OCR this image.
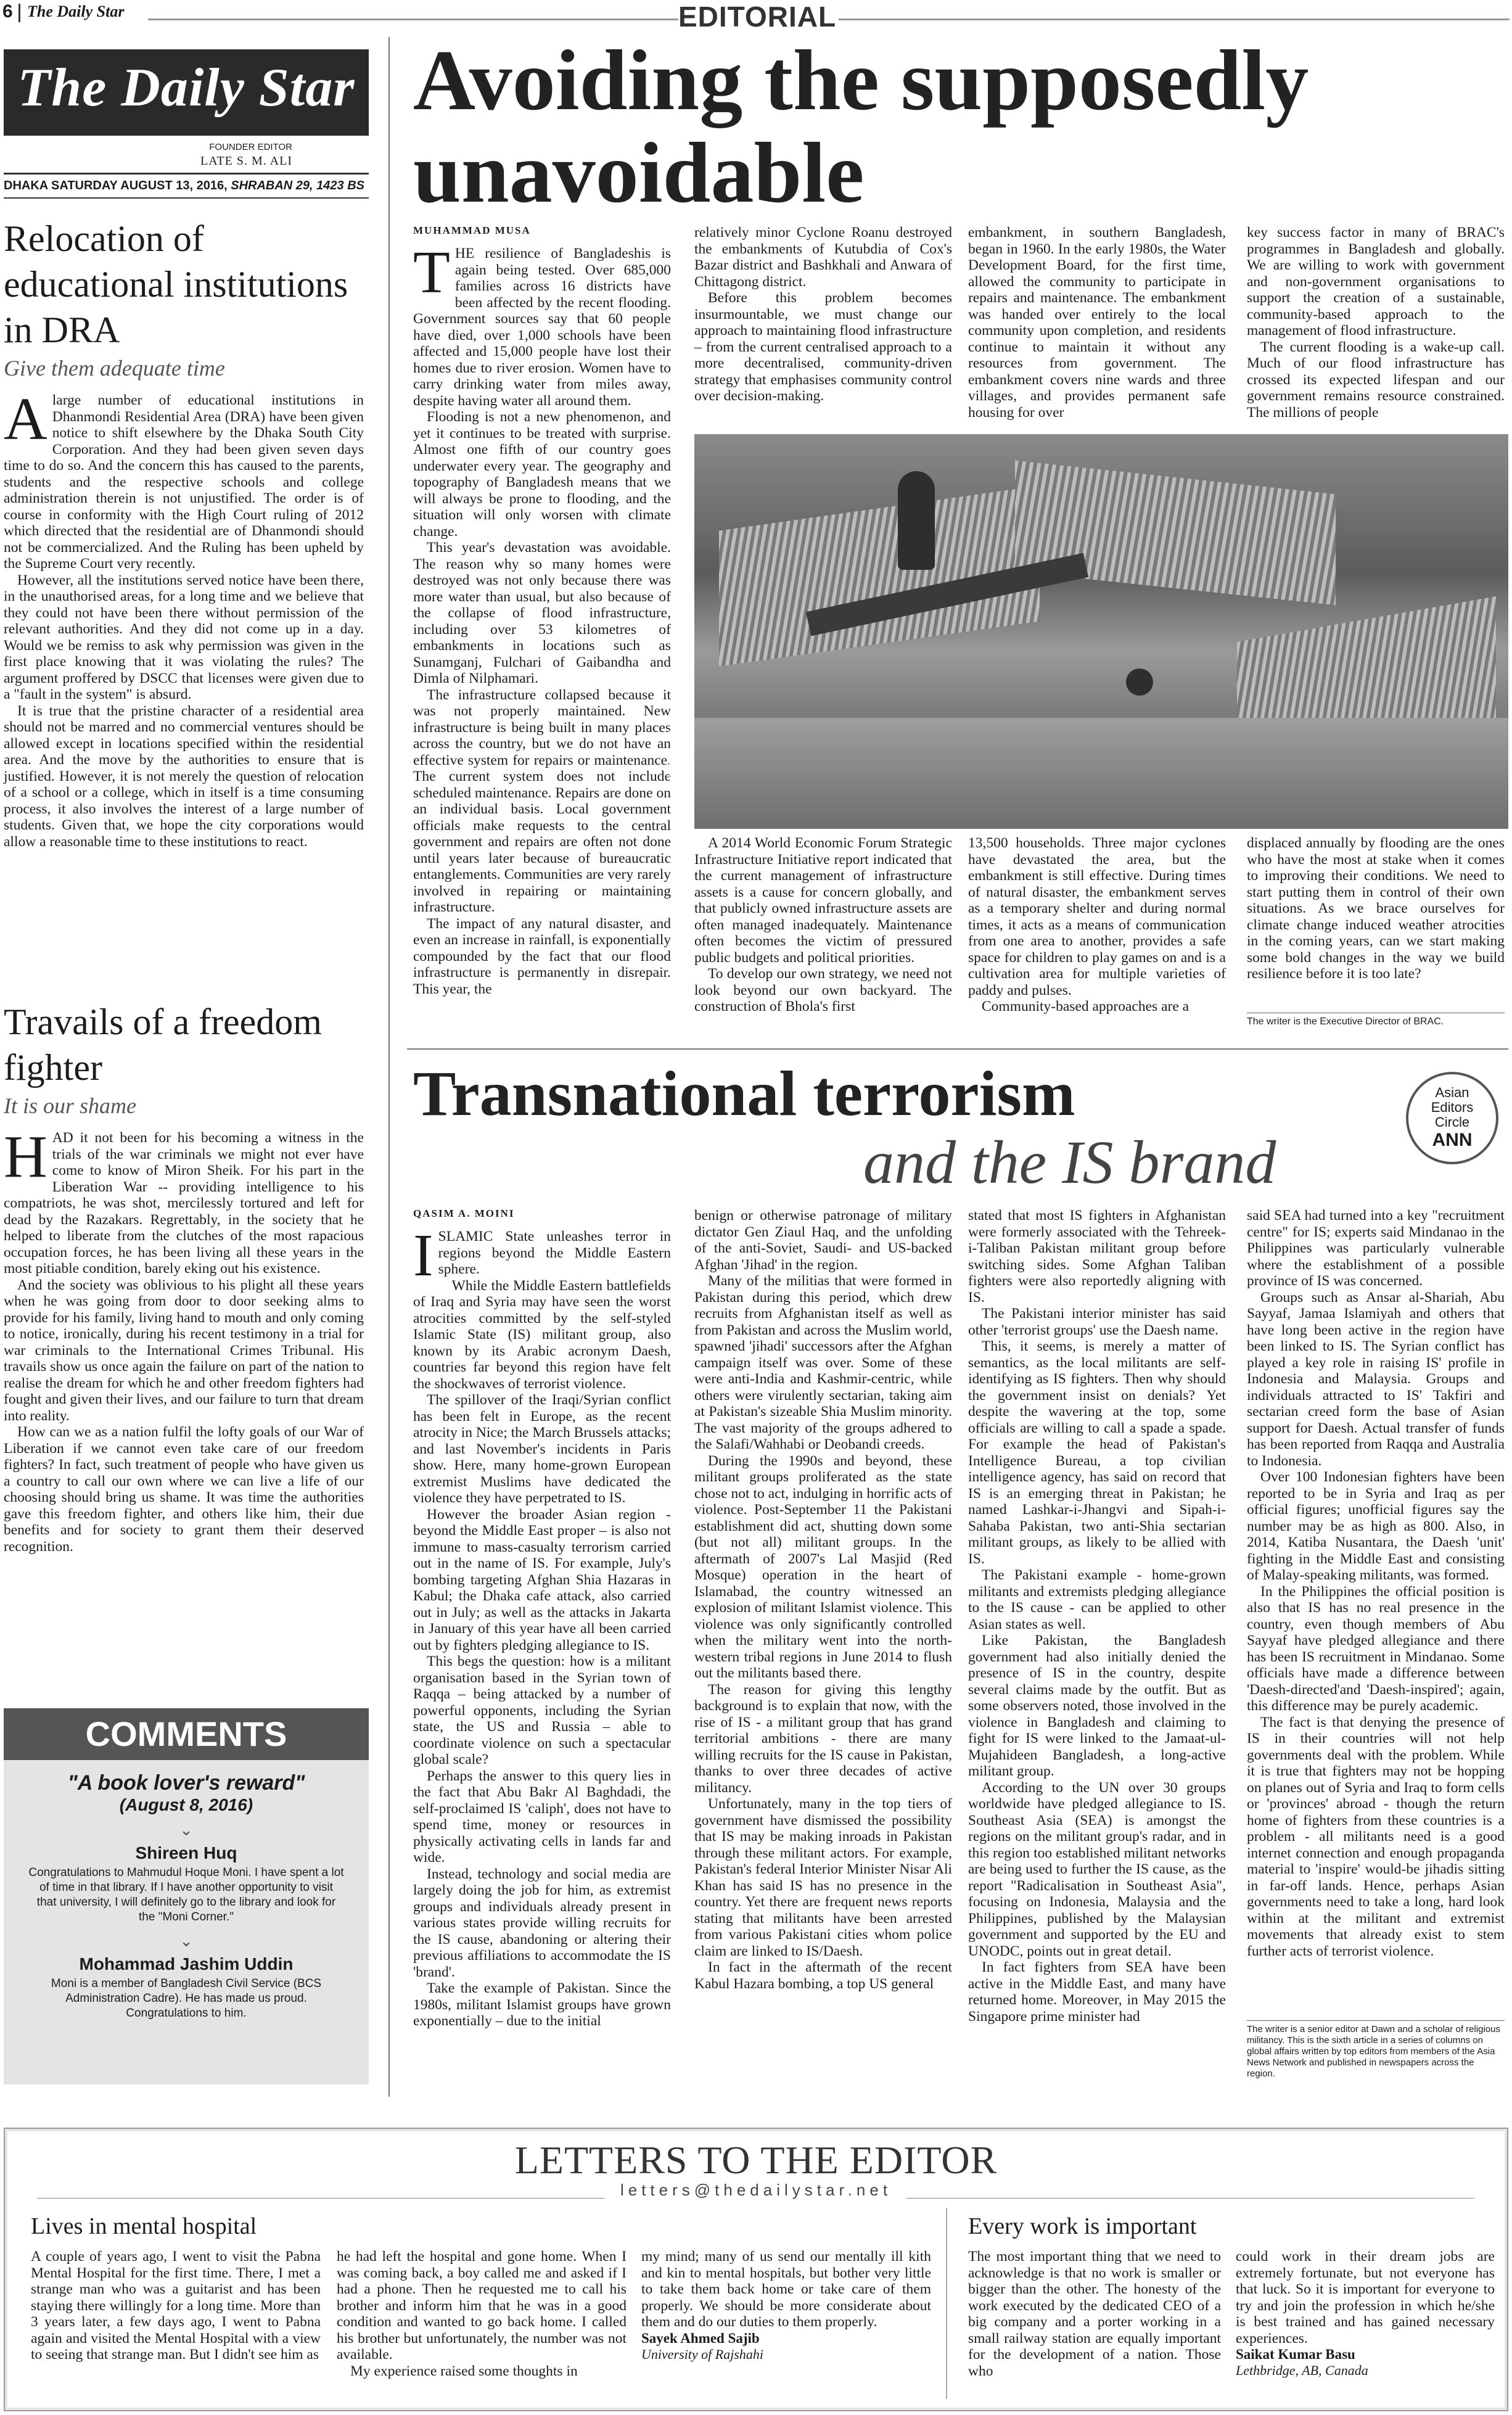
6 The Daily Star	EDITORIAL
The Daily Star
FOUNDER EDITOR
LATE S. M. ALI
DHAKA SATURDAY AUGUST 13, 2016, SHRABAN 29, 1423 BS
Relocation of educational institutions in DRA
Give them adequate time

Alarge number of educational institutions in Dhanmondi Residential Area (DRA) have been given notice to shift elsewhere by the Dhaka South City Corporation. And they had been given seven days time to do so. And the concern this has caused to the parents, students and the respective schools and college administration therein is not unjustified. The order is of course in conformity with the High Court ruling of 2012 which directed that the residential are of Dhanmondi should not be commercialized. And the Ruling has been upheld by the Supreme Court very recently.

However, all the institutions served notice have been there, in the unauthorised areas, for a long time and we believe that they could not have been there without permission of the relevant authorities. And they did not come up in a day. Would we be remiss to ask why permission was given in the first place knowing that it was violating the rules? The argument proffered by DSCC that licenses were given due to a "fault in the system" is absurd.

It is true that the pristine character of a residential area should not be marred and no commercial ventures should be allowed except in locations specified within the residential area. And the move by the authorities to ensure that is justified. However, it is not merely the question of relocation of a school or a college, which in itself is a time consuming process, it also involves the interest of a large number of students. Given that, we hope the city corporations would allow a reasonable time to these institutions to react.

Travails of a freedom fighter
It is our shame

HAD it not been for his becoming a witness in the trials of the war criminals we might not ever have come to know of Miron Sheik. For his part in the Liberation War -- providing intelligence to his compatriots, he was shot, mercilessly tortured and left for dead by the Razakars. Regrettably, in the society that he helped to liberate from the clutches of the most rapacious occupation forces, he has been living all these years in the most pitiable condition, barely eking out his existence.

And the society was oblivious to his plight all these years when he was going from door to door seeking alms to provide for his family, living hand to mouth and only coming to notice, ironically, during his recent testimony in a trial for war criminals to the International Crimes Tribunal. His travails show us once again the failure on part of the nation to realise the dream for which he and other freedom fighters had fought and given their lives, and our failure to turn that dream into reality.

How can we as a nation fulfil the lofty goals of our War of Liberation if we cannot even take care of our freedom fighters? In fact, such treatment of people who have given us a country to call our own where we can live a life of our choosing should bring us shame. It was time the authorities gave this freedom fighter, and others like him, their due benefits and for society to grant them their deserved recognition.

COMMENTS
"A book lover's reward"
(August 8, 2016)
⌄
Shireen Huq

Congratulations to Mahmudul Hoque Moni. I have spent a lot of time in that library. If I have another opportunity to visit that university, I will definitely go to the library and look for the "Moni Corner."

⌄
Mohammad Jashim Uddin

Moni is a member of Bangladesh Civil Service (BCS Administration Cadre). He has made us proud. Congratulations to him.

Avoiding the supposedly
unavoidable
MUHAMMAD MUSA

THE resilience of Bangladeshis is again being tested. Over 685,000 families across 16 districts have been affected by the recent flooding. Government sources say that 60 people have died, over 1,000 schools have been affected and 15,000 people have lost their homes due to river erosion. Women have to carry drinking water from miles away, despite having water all around them.

Flooding is not a new phenomenon, and yet it continues to be treated with surprise. Almost one fifth of our country goes underwater every year. The geography and topography of Bangladesh means that we will always be prone to flooding, and the situation will only worsen with climate change.

This year's devastation was avoidable. The reason why so many homes were destroyed was not only because there was more water than usual, but also because of the collapse of flood infrastructure, including over 53 kilometres of embankments in locations such as Sunamganj, Fulchari of Gaibandha and Dimla of Nilphamari.

The infrastructure collapsed because it was not properly maintained. New infrastructure is being built in many places across the country, but we do not have an effective system for repairs or maintenance. The current system does not include scheduled maintenance. Repairs are done on an individual basis. Local government officials make requests to the central government and repairs are often not done until years later because of bureaucratic entanglements. Communities are very rarely involved in repairing or maintaining infrastructure.

The impact of any natural disaster, and even an increase in rainfall, is exponentially compounded by the fact that our flood infrastructure is permanently in disrepair. This year, the

relatively minor Cyclone Roanu destroyed the embankments of Kutubdia of Cox's Bazar district and Bashkhali and Anwara of Chittagong district.

Before this problem becomes insurmountable, we must change our approach to maintaining flood infrastructure – from the current centralised approach to a more decentralised, community-driven strategy that emphasises community control over decision-making.

embankment, in southern Bangladesh, began in 1960. In the early 1980s, the Water Development Board, for the first time, allowed the community to participate in repairs and maintenance. The embankment was handed over entirely to the local community upon completion, and residents continue to maintain it without any resources from government. The embankment covers nine wards and three villages, and provides permanent safe housing for over

key success factor in many of BRAC's programmes in Bangladesh and globally. We are willing to work with government and non-government organisations to support the creation of a sustainable, community-based approach to the management of flood infrastructure.

The current flooding is a wake-up call. Much of our flood infrastructure has crossed its expected lifespan and our government remains resource constrained. The millions of people

PHOTO: STAR

A 2014 World Economic Forum Strategic Infrastructure Initiative report indicated that the current management of infrastructure assets is a cause for concern globally, and that publicly owned infrastructure assets are often managed inadequately. Maintenance often becomes the victim of pressured public budgets and political priorities.

To develop our own strategy, we need not look beyond our own backyard. The construction of Bhola's first

13,500 households. Three major cyclones have devastated the area, but the embankment is still effective. During times of natural disaster, the embankment serves as a temporary shelter and during normal times, it acts as a means of communication from one area to another, provides a safe space for children to play games on and is a cultivation area for multiple varieties of paddy and pulses.

Community-based approaches are a

displaced annually by flooding are the ones who have the most at stake when it comes to improving their conditions. We need to start putting them in control of their own situations. As we brace ourselves for climate change induced weather atrocities in the coming years, can we start making some bold changes in the way we build resilience before it is too late?

The writer is the Executive Director of BRAC.
Transnational terrorism
and the IS brand
Asian
Editors
Circle
ANN
QASIM A. MOINI

ISLAMIC State unleashes terror in regions beyond the Middle Eastern sphere.

While the Middle Eastern battlefields of Iraq and Syria may have seen the worst atrocities committed by the self-styled Islamic State (IS) militant group, also known by its Arabic acronym Daesh, countries far beyond this region have felt the shockwaves of terrorist violence.

The spillover of the Iraqi/Syrian conflict has been felt in Europe, as the recent atrocity in Nice; the March Brussels attacks; and last November's incidents in Paris show. Here, many home-grown European extremist Muslims have dedicated the violence they have perpetrated to IS.

However the broader Asian region - beyond the Middle East proper – is also not immune to mass-casualty terrorism carried out in the name of IS. For example, July's bombing targeting Afghan Shia Hazaras in Kabul; the Dhaka cafe attack, also carried out in July; as well as the attacks in Jakarta in January of this year have all been carried out by fighters pledging allegiance to IS.

This begs the question: how is a militant organisation based in the Syrian town of Raqqa – being attacked by a number of powerful opponents, including the Syrian state, the US and Russia – able to coordinate violence on such a spectacular global scale?

Perhaps the answer to this query lies in the fact that Abu Bakr Al Baghdadi, the self-proclaimed IS 'caliph', does not have to spend time, money or resources in physically activating cells in lands far and wide.

Instead, technology and social media are largely doing the job for him, as extremist groups and individuals already present in various states provide willing recruits for the IS cause, abandoning or altering their previous affiliations to accommodate the IS 'brand'.

Take the example of Pakistan. Since the 1980s, militant Islamist groups have grown exponentially – due to the initial

benign or otherwise patronage of military dictator Gen Ziaul Haq, and the unfolding of the anti-Soviet, Saudi- and US-backed Afghan 'Jihad' in the region.

Many of the militias that were formed in Pakistan during this period, which drew recruits from Afghanistan itself as well as from Pakistan and across the Muslim world, spawned 'jihadi' successors after the Afghan campaign itself was over. Some of these were anti-India and Kashmir-centric, while others were virulently sectarian, taking aim at Pakistan's sizeable Shia Muslim minority. The vast majority of the groups adhered to the Salafi/Wahhabi or Deobandi creeds.

During the 1990s and beyond, these militant groups proliferated as the state chose not to act, indulging in horrific acts of violence. Post-September 11 the Pakistani establishment did act, shutting down some (but not all) militant groups. In the aftermath of 2007's Lal Masjid (Red Mosque) operation in the heart of Islamabad, the country witnessed an explosion of militant Islamist violence. This violence was only significantly controlled when the military went into the north-western tribal regions in June 2014 to flush out the militants based there.

The reason for giving this lengthy background is to explain that now, with the rise of IS - a militant group that has grand territorial ambitions - there are many willing recruits for the IS cause in Pakistan, thanks to over three decades of active militancy.

Unfortunately, many in the top tiers of government have dismissed the possibility that IS may be making inroads in Pakistan through these militant actors. For example, Pakistan's federal Interior Minister Nisar Ali Khan has said IS has no presence in the country. Yet there are frequent news reports stating that militants have been arrested from various Pakistani cities whom police claim are linked to IS/Daesh.

In fact in the aftermath of the recent Kabul Hazara bombing, a top US general

stated that most IS fighters in Afghanistan were formerly associated with the Tehreek-i-Taliban Pakistan militant group before switching sides. Some Afghan Taliban fighters were also reportedly aligning with IS.

The Pakistani interior minister has said other 'terrorist groups' use the Daesh name.

This, it seems, is merely a matter of semantics, as the local militants are self-identifying as IS fighters. Then why should the government insist on denials? Yet despite the wavering at the top, some officials are willing to call a spade a spade. For example the head of Pakistan's Intelligence Bureau, a top civilian intelligence agency, has said on record that IS is an emerging threat in Pakistan; he named Lashkar-i-Jhangvi and Sipah-i-Sahaba Pakistan, two anti-Shia sectarian militant groups, as likely to be allied with IS.

The Pakistani example - home-grown militants and extremists pledging allegiance to the IS cause - can be applied to other Asian states as well.

Like Pakistan, the Bangladesh government had also initially denied the presence of IS in the country, despite several claims made by the outfit. But as some observers noted, those involved in the violence in Bangladesh and claiming to fight for IS were linked to the Jamaat-ul-Mujahideen Bangladesh, a long-active militant group.

According to the UN over 30 groups worldwide have pledged allegiance to IS. Southeast Asia (SEA) is amongst the regions on the militant group's radar, and in this region too established militant networks are being used to further the IS cause, as the report "Radicalisation in Southeast Asia", focusing on Indonesia, Malaysia and the Philippines, published by the Malaysian government and supported by the EU and UNODC, points out in great detail.

In fact fighters from SEA have been active in the Middle East, and many have returned home. Moreover, in May 2015 the Singapore prime minister had

said SEA had turned into a key "recruitment centre" for IS; experts said Mindanao in the Philippines was particularly vulnerable where the establishment of a possible province of IS was concerned.

Groups such as Ansar al-Shariah, Abu Sayyaf, Jamaa Islamiyah and others that have long been active in the region have been linked to IS. The Syrian conflict has played a key role in raising IS' profile in Indonesia and Malaysia. Groups and individuals attracted to IS' Takfiri and sectarian creed form the base of Asian support for Daesh. Actual transfer of funds has been reported from Raqqa and Australia to Indonesia.

Over 100 Indonesian fighters have been reported to be in Syria and Iraq as per official figures; unofficial figures say the number may be as high as 800. Also, in 2014, Katiba Nusantara, the Daesh 'unit' fighting in the Middle East and consisting of Malay-speaking militants, was formed.

In the Philippines the official position is also that IS has no real presence in the country, even though members of Abu Sayyaf have pledged allegiance and there has been IS recruitment in Mindanao. Some officials have made a difference between 'Daesh-directed'and 'Daesh-inspired'; again, this difference may be purely academic.

The fact is that denying the presence of IS in their countries will not help governments deal with the problem. While it is true that fighters may not be hopping on planes out of Syria and Iraq to form cells or 'provinces' abroad - though the return home of fighters from these countries is a problem - all militants need is a good internet connection and enough propaganda material to 'inspire' would-be jihadis sitting in far-off lands. Hence, perhaps Asian governments need to take a long, hard look within at the militant and extremist movements that already exist to stem further acts of terrorist violence.

The writer is a senior editor at Dawn and a scholar of religious militancy. This is the sixth article in a series of columns on global affairs written by top editors from members of the Asia News Network and published in newspapers across the region.
LETTERS TO THE EDITOR
letters@thedailystar.net
Lives in mental hospital
A couple of years ago, I went to visit the Pabna Mental Hospital for the first time. There, I met a strange man who was a guitarist and has been staying there willingly for a long time. More than 3 years later, a few days ago, I went to Pabna again and visited the Mental Hospital with a view to seeing that strange man. But I didn't see him as
he had left the hospital and gone home. When I was coming back, a boy called me and asked if I had a phone. Then he requested me to call his brother and inform him that he was in a good condition and wanted to go back home. I called his brother but unfortunately, the number was not available.
My experience raised some thoughts in
my mind; many of us send our mentally ill kith and kin to mental hospitals, but bother very little to take them back home or take care of them properly. We should be more considerate about them and do our duties to them properly.

Sayek Ahmed Sajib

University of Rajshahi

Every work is important
The most important thing that we need to acknowledge is that no work is smaller or bigger than the other. The honesty of the work executed by the dedicated CEO of a big company and a porter working in a small railway station are equally important for the development of a nation. Those who
could work in their dream jobs are extremely fortunate, but not everyone has that luck. So it is important for everyone to try and join the profession in which he/she is best trained and has gained necessary experiences.

Saikat Kumar Basu

Lethbridge, AB, Canada
